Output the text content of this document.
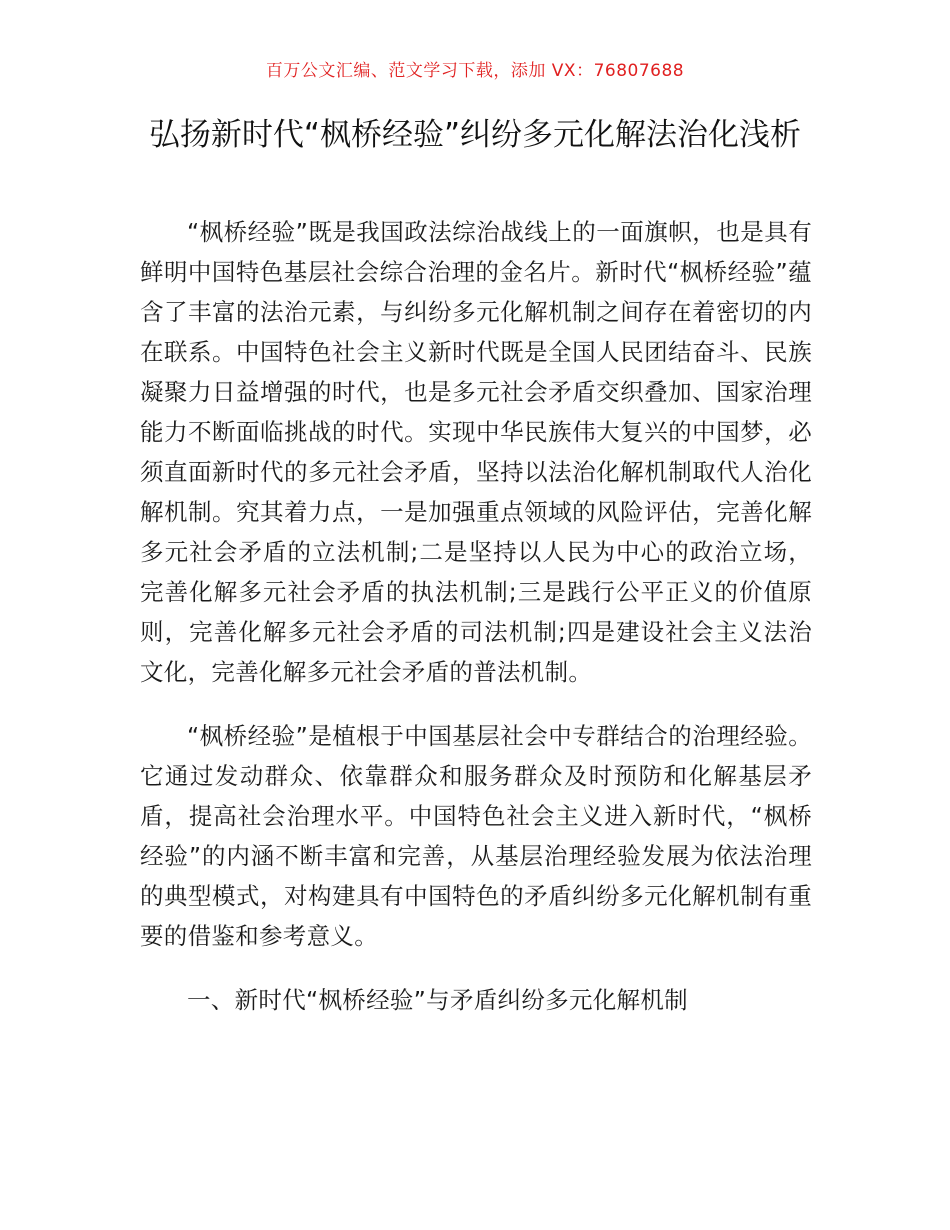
百万公文汇编、范文学习下载，添加 VX：76807688
弘扬新时代“枫桥经验”纠纷多元化解法治化浅析

“枫桥经验”既是我国政法综治战线上的一面旗帜，也是具有鲜明中国特色基层社会综合治理的金名片。新时代“枫桥经验”蕴含了丰富的法治元素，与纠纷多元化解机制之间存在着密切的内在联系。中国特色社会主义新时代既是全国人民团结奋斗、民族凝聚力日益增强的时代，也是多元社会矛盾交织叠加、国家治理能力不断面临挑战的时代。实现中华民族伟大复兴的中国梦，必须直面新时代的多元社会矛盾，坚持以法治化解机制取代人治化解机制。究其着力点，一是加强重点领域的风险评估，完善化解多元社会矛盾的立法机制;二是坚持以人民为中心的政治立场，完善化解多元社会矛盾的执法机制;三是践行公平正义的价值原则，完善化解多元社会矛盾的司法机制;四是建设社会主义法治文化，完善化解多元社会矛盾的普法机制。

“枫桥经验”是植根于中国基层社会中专群结合的治理经验。它通过发动群众、依靠群众和服务群众及时预防和化解基层矛盾，提高社会治理水平。中国特色社会主义进入新时代，“枫桥经验”的内涵不断丰富和完善，从基层治理经验发展为依法治理的典型模式，对构建具有中国特色的矛盾纠纷多元化解机制有重要的借鉴和参考意义。

一、新时代“枫桥经验”与矛盾纠纷多元化解机制
